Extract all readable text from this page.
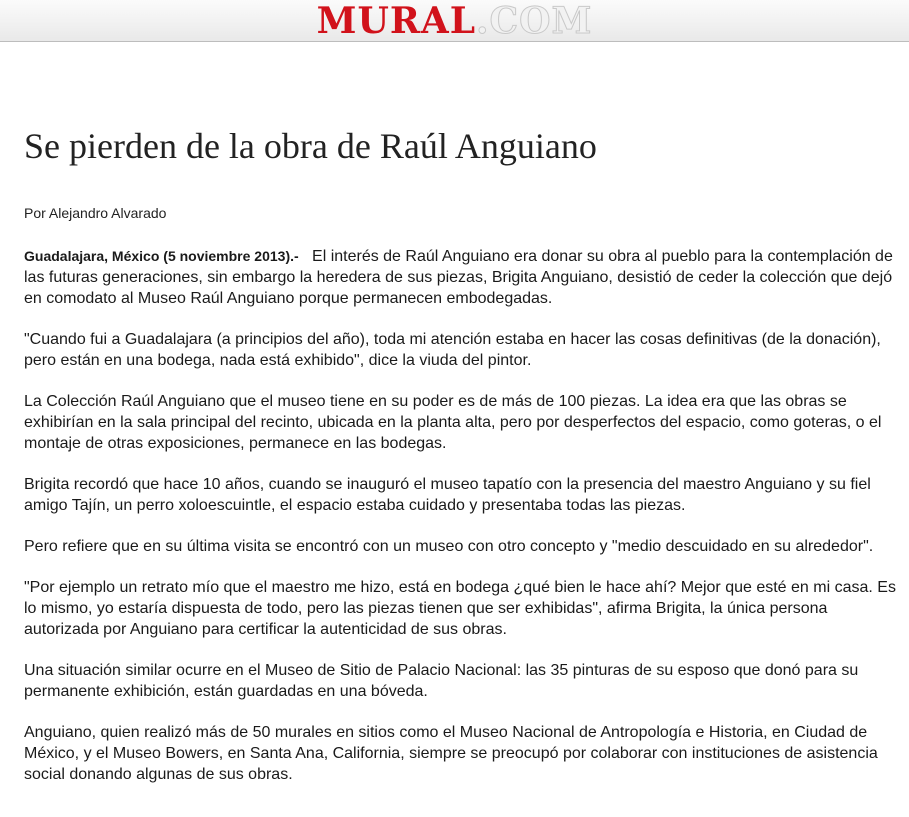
MURAL.COM
Se pierden de la obra de Raúl Anguiano

Por Alejandro Alvarado

Guadalajara, México (5 noviembre 2013).- El interés de Raúl Anguiano era donar su obra al pueblo para la contemplación de las futuras generaciones, sin embargo la heredera de sus piezas, Brigita Anguiano, desistió de ceder la colección que dejó en comodato al Museo Raúl Anguiano porque permanecen embodegadas.

"Cuando fui a Guadalajara (a principios del año), toda mi atención estaba en hacer las cosas definitivas (de la donación), pero están en una bodega, nada está exhibido", dice la viuda del pintor.

La Colección Raúl Anguiano que el museo tiene en su poder es de más de 100 piezas. La idea era que las obras se exhibirían en la sala principal del recinto, ubicada en la planta alta, pero por desperfectos del espacio, como goteras, o el montaje de otras exposiciones, permanece en las bodegas.

Brigita recordó que hace 10 años, cuando se inauguró el museo tapatío con la presencia del maestro Anguiano y su fiel amigo Tajín, un perro xoloescuintle, el espacio estaba cuidado y presentaba todas las piezas.

Pero refiere que en su última visita se encontró con un museo con otro concepto y "medio descuidado en su alrededor".

"Por ejemplo un retrato mío que el maestro me hizo, está en bodega ¿qué bien le hace ahí? Mejor que esté en mi casa. Es lo mismo, yo estaría dispuesta de todo, pero las piezas tienen que ser exhibidas", afirma Brigita, la única persona autorizada por Anguiano para certificar la autenticidad de sus obras.

Una situación similar ocurre en el Museo de Sitio de Palacio Nacional: las 35 pinturas de su esposo que donó para su permanente exhibición, están guardadas en una bóveda.

Anguiano, quien realizó más de 50 murales en sitios como el Museo Nacional de Antropología e Historia, en Ciudad de México, y el Museo Bowers, en Santa Ana, California, siempre se preocupó por colaborar con instituciones de asistencia social donando algunas de sus obras.
